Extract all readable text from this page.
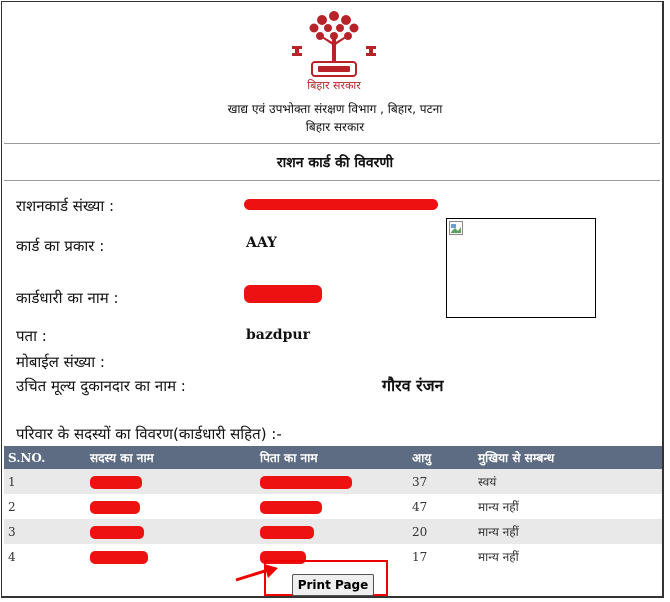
बिहार सरकार
खाद्य एवं उपभोक्ता संरक्षण विभाग , बिहार, पटना
बिहार सरकार
राशन कार्ड की विवरणी
राशनकार्ड संख्या :
कार्ड का प्रकार :	AAY
कार्डधारी का नाम :
पता :	bazdpur
मोबाईल संख्या :
उचित मूल्य दुकानदार का नाम :	गौरव रंजन
परिवार के सदस्यों का विवरण(कार्डधारी सहित) :-
S.NO.	सदस्य का नाम	पिता का नाम	आयु	मुखिया से सम्बन्ध
1			37	स्वयं
2			47	मान्य नहीं
3			20	मान्य नहीं
4			17	मान्य नहीं
Print Page
